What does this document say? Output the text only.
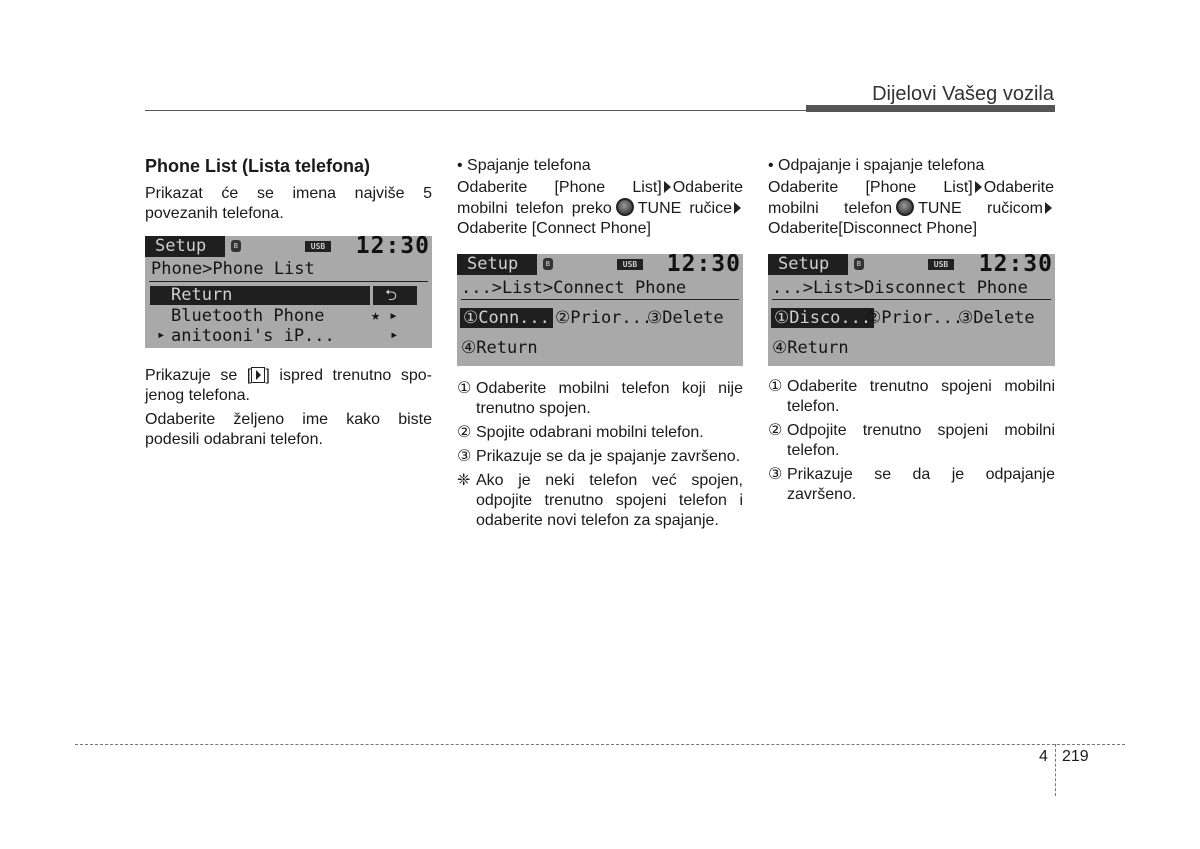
Dijelovi Vašeg vozila

Phone List (Lista telefona)

Prikazat će se imena najviše 5 povezanih telefona.

Setup	ʙ	USB 12:30
Phone>Phone List
Return	⮌
Bluetooth Phone	★ ▸
▸ anitooni's iP...	▸

Prikazuje se [ ] ispred trenutno spo-jenog telefona.

Odaberite željeno ime kako biste podesili odabrani telefon.

• Spajanje telefona

Odaberite [Phone List] Odaberite mobilni telefon preko TUNE ručiceOdaberite [Connect Phone]

Setup	ʙ	USB 12:30
...>List>Connect Phone
①Conn... ②Prior...
③Delete
④Return
① Odaberite mobilni telefon koji nije trenutno spojen.
② Spojite odabrani mobilni telefon.
③ Prikazuje se da je spajanje završeno.
❈ Ako je neki telefon već spojen, odpojite trenutno spojeni telefon i odaberite novi telefon za spajanje.

• Odpajanje i spajanje telefona

Odaberite [Phone List] Odaberite mobilni telefon TUNE ručicomOdaberite[Disconnect Phone]

Setup	ʙ	USB 12:30
...>List>Disconnect Phone
①Disco...
②Prior...
③Delete
④Return
① Odaberite trenutno spojeni mobilni telefon.
② Odpojite trenutno spojeni mobilni telefon.
③ Prikazuje se da je odpajanje završeno.
4 219
